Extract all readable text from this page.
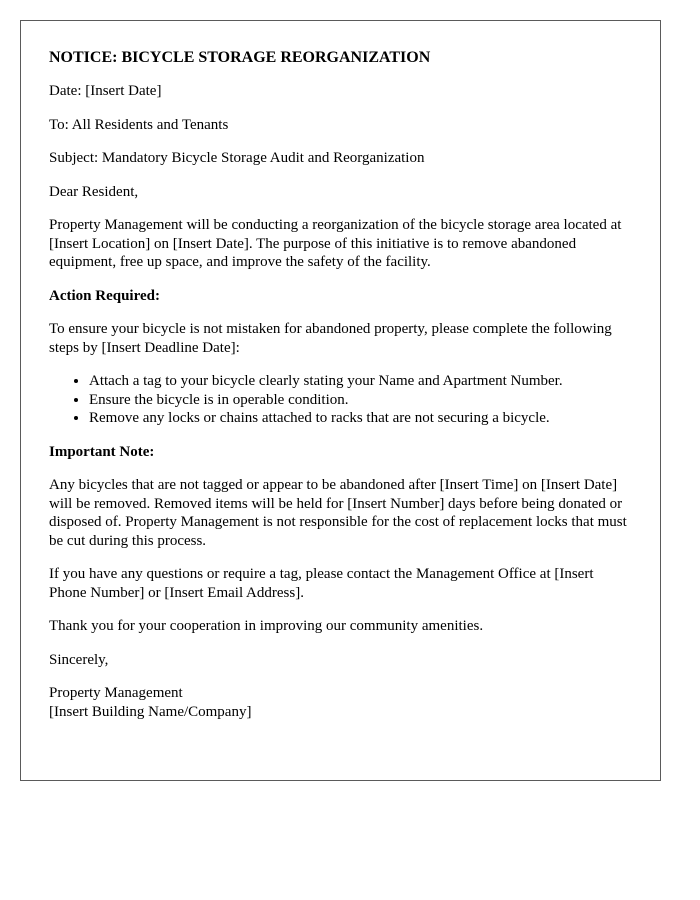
NOTICE: BICYCLE STORAGE REORGANIZATION

Date: [Insert Date]

To: All Residents and Tenants

Subject: Mandatory Bicycle Storage Audit and Reorganization

Dear Resident,

Property Management will be conducting a reorganization of the bicycle storage area located at [Insert Location] on [Insert Date]. The purpose of this initiative is to remove abandoned equipment, free up space, and improve the safety of the facility.

Action Required:

To ensure your bicycle is not mistaken for abandoned property, please complete the following steps by [Insert Deadline Date]:

• Attach a tag to your bicycle clearly stating your Name and Apartment Number.
• Ensure the bicycle is in operable condition.
• Remove any locks or chains attached to racks that are not securing a bicycle.
Important Note:

Any bicycles that are not tagged or appear to be abandoned after [Insert Time] on [Insert Date] will be removed. Removed items will be held for [Insert Number] days before being donated or disposed of. Property Management is not responsible for the cost of replacement locks that must be cut during this process.

If you have any questions or require a tag, please contact the Management Office at [Insert Phone Number] or [Insert Email Address].

Thank you for your cooperation in improving our community amenities.

Sincerely,

Property Management
[Insert Building Name/Company]
